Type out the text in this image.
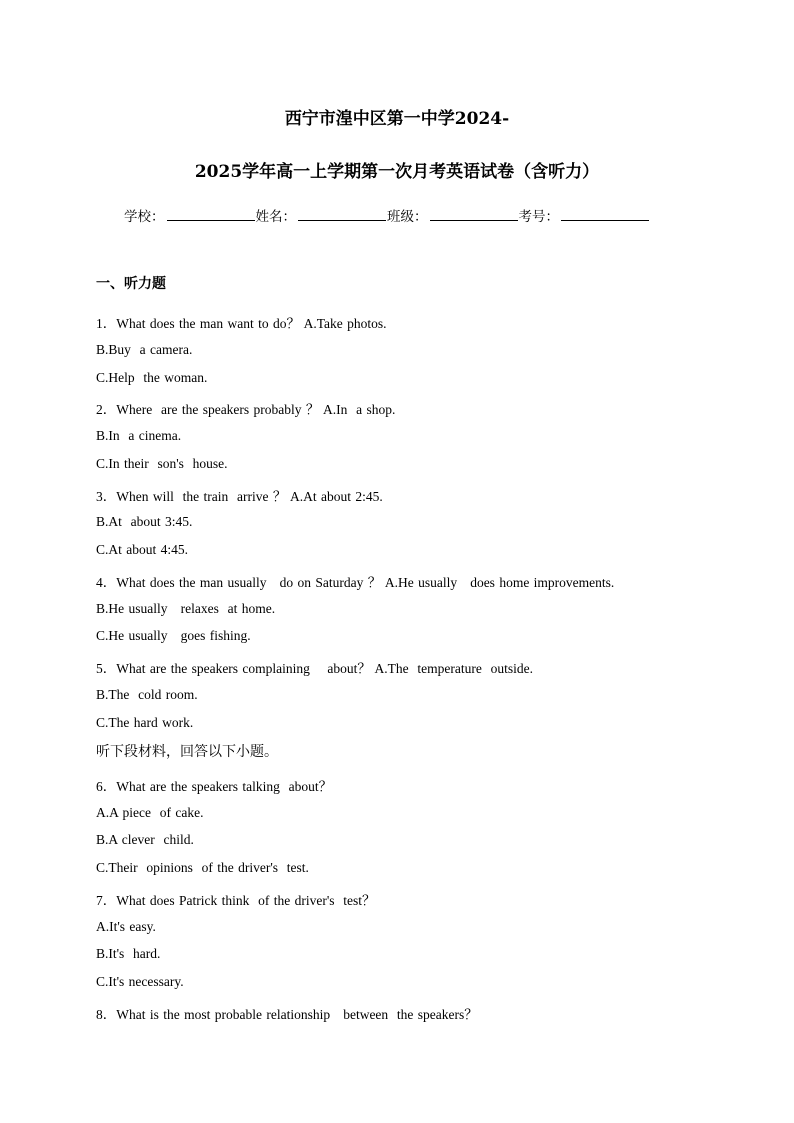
西宁市湟中区第一中学2024-
2025学年高一上学期第一次月考英语试卷（含听力）
学校：	姓名：	班级：	考号：
一、听力题
1．What does the man want to do？ A.Take photos.
B.Buy  a camera.
C.Help  the woman.
2．Where  are the speakers probably ？ A.In  a shop.
B.In  a cinema.
C.In their  son's  house.
3．When will  the train  arrive ？ A.At about 2:45.
B.At  about 3:45.
C.At about 4:45.
4．What does the man usually   do on Saturday ？ A.He usually   does home improvements.
B.He usually   relaxes  at home.
C.He usually   goes fishing.
5．What are the speakers complaining    about？ A.The  temperature  outside.
B.The  cold room.
C.The hard work.
听下段材料，回答以下小题。
6．What are the speakers talking  about？
A.A piece  of cake.
B.A clever  child.
C.Their  opinions  of the driver's  test.
7．What does Patrick think  of the driver's  test？
A.It's easy.
B.It's  hard.
C.It's necessary.
8．What is the most probable relationship   between  the speakers？
